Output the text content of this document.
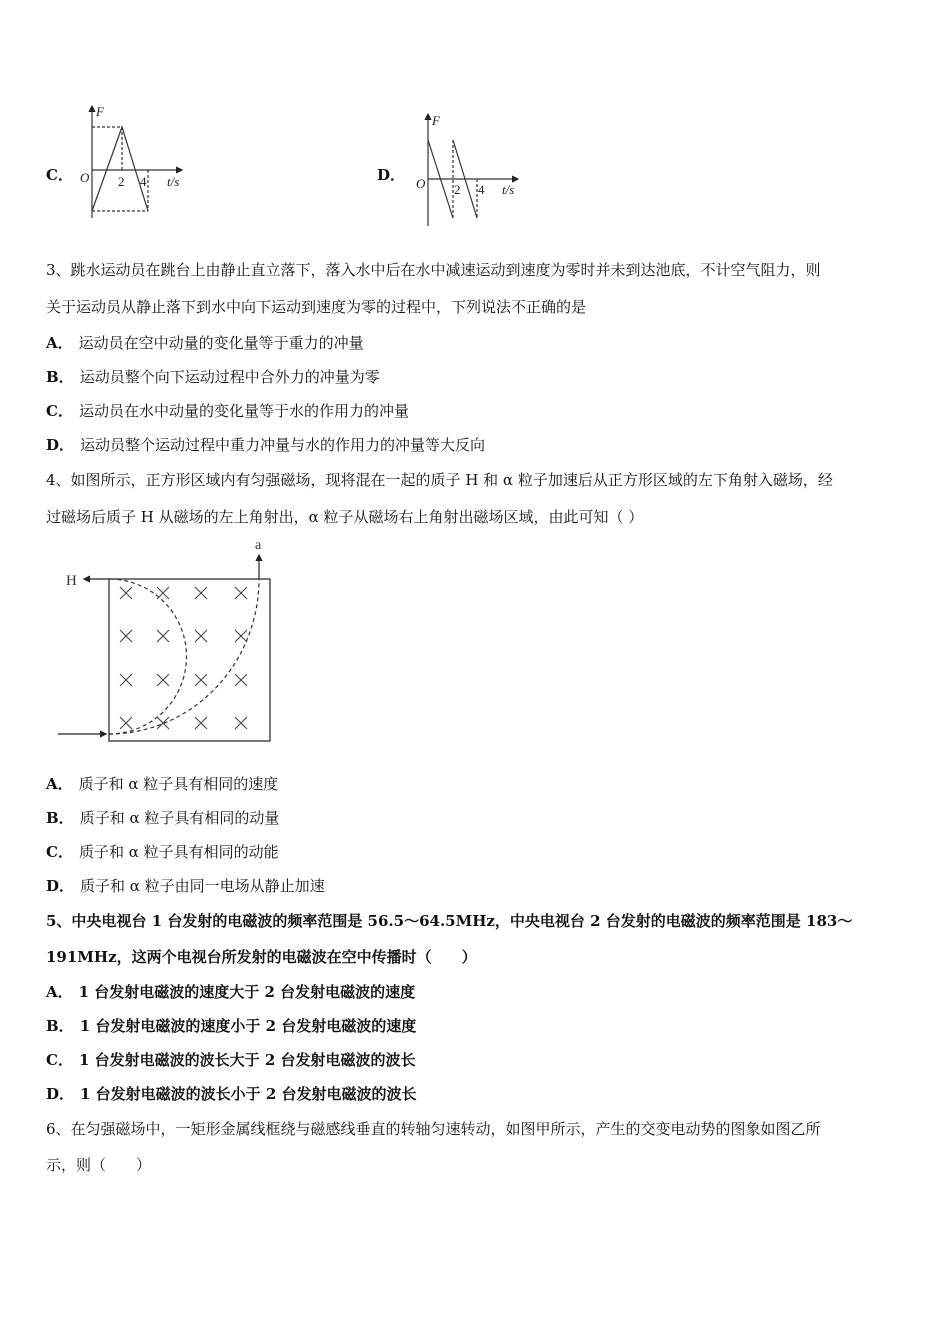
C．	D．
F
O 2 4 t/s
F
O 2 4 t/s
3、跳水运动员在跳台上由静止直立落下，落入水中后在水中减速运动到速度为零时并未到达池底，不计空气阻力，则
关于运动员从静止落下到水中向下运动到速度为零的过程中，下列说法不正确的是
A． 运动员在空中动量的变化量等于重力的冲量
B． 运动员整个向下运动过程中合外力的冲量为零
C． 运动员在水中动量的变化量等于水的作用力的冲量
D． 运动员整个运动过程中重力冲量与水的作用力的冲量等大反向
4、如图所示，正方形区域内有匀强磁场，现将混在一起的质子 H 和 α 粒子加速后从正方形区域的左下角射入磁场，经
过磁场后质子 H 从磁场的左上角射出，α 粒子从磁场右上角射出磁场区域，由此可知（ ）
H
a
A． 质子和 α 粒子具有相同的速度
B． 质子和 α 粒子具有相同的动量
C． 质子和 α 粒子具有相同的动能
D． 质子和 α 粒子由同一电场从静止加速
5、中央电视台 1 台发射的电磁波的频率范围是 56.5～64.5MHz，中央电视台 2 台发射的电磁波的频率范围是 183～
191MHz，这两个电视台所发射的电磁波在空中传播时（　　）
A． 1 台发射电磁波的速度大于 2 台发射电磁波的速度
B． 1 台发射电磁波的速度小于 2 台发射电磁波的速度
C． 1 台发射电磁波的波长大于 2 台发射电磁波的波长
D． 1 台发射电磁波的波长小于 2 台发射电磁波的波长
6、在匀强磁场中，一矩形金属线框绕与磁感线垂直的转轴匀速转动，如图甲所示，产生的交变电动势的图象如图乙所
示，则（　　）
